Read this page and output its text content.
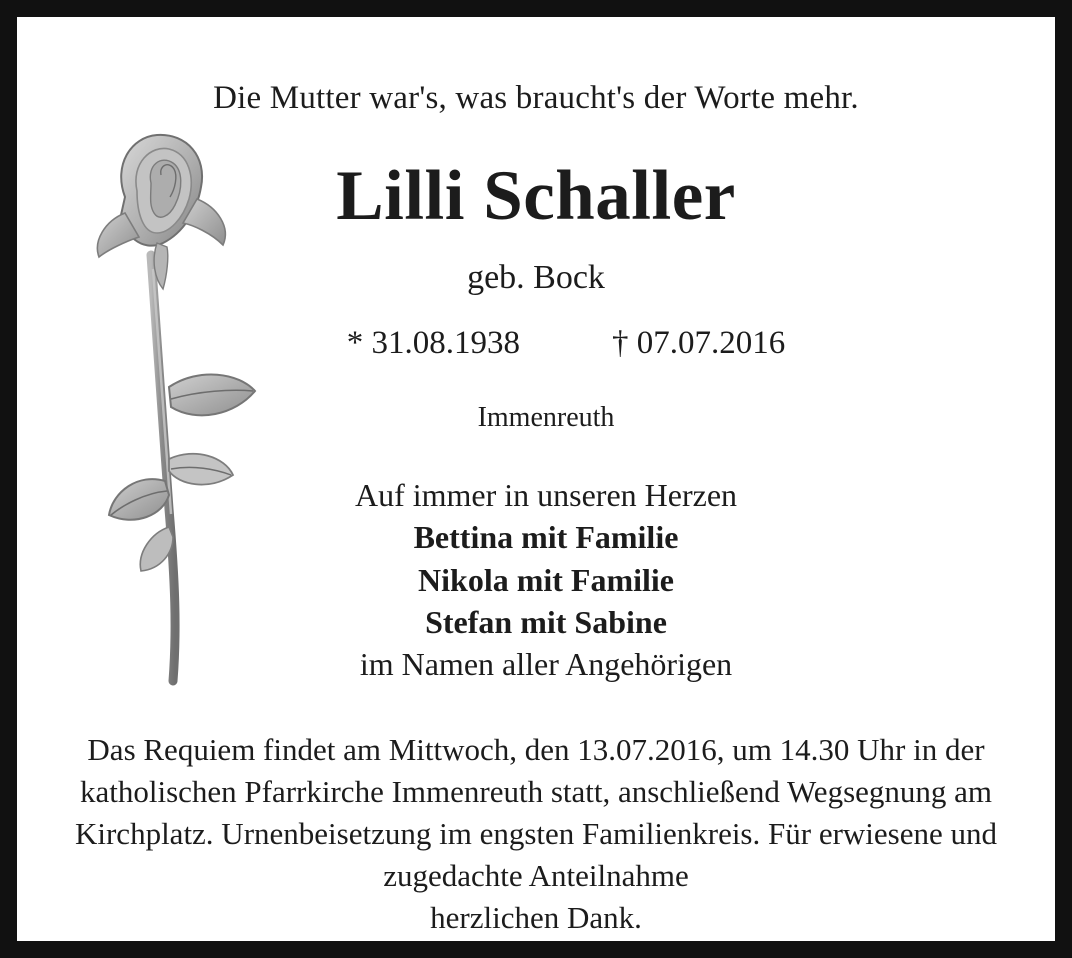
Die Mutter war's, was braucht's der Worte mehr.
Lilli Schaller
geb. Bock
* 31.08.1938	† 07.07.2016
Immenreuth
Auf immer in unseren Herzen
Bettina mit Familie
Nikola mit Familie
Stefan mit Sabine
im Namen aller Angehörigen
Das Requiem findet am Mittwoch, den 13.07.2016, um 14.30 Uhr in der katholischen Pfarrkirche Immenreuth statt, anschließend Wegsegnung am Kirchplatz. Urnenbeisetzung im engsten Familienkreis. Für erwiesene und zugedachte Anteilnahme
herzlichen Dank.
